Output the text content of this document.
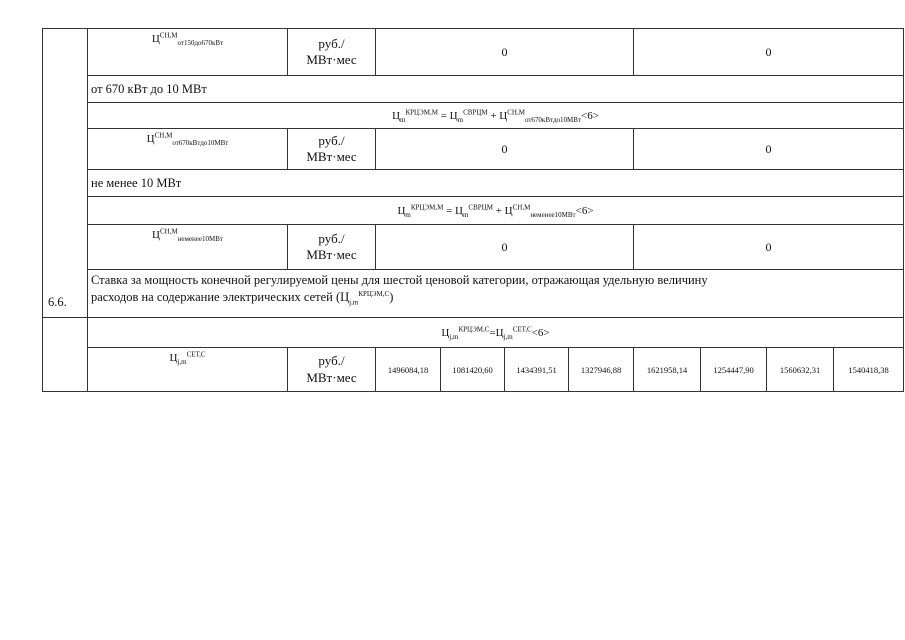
	$Ц^{СН,М}_{от150до670кВт}$	руб./
МВт·мес	0				0			
	от 670 кВт до 10 МВт									
	$Ц_m^{КРЦЭМ,М} = Ц_m^{СВРЦМ} + Ц^{СН,М}_{от670кВтдо10МВт}<6>$									
	$Ц^{СН,М}_{от670кВтдо10МВт}$	руб./
МВт·мес	0				0			
	не менее 10 МВт									
	$Ц_m^{КРЦЭМ,М} = Ц_m^{СВРЦМ} + Ц^{СН,М}_{неменее10МВт}<6>$									
	$Ц^{СН,М}_{неменее10МВт}$	руб./
МВт·мес	0				0			
	Ставка за мощность конечной регулируемой цены для шестой ценовой категории, отражающая удельную величину
расходов на содержание электрических сетей $(Ц_{j,m}^{КРЦЭМ,С})$									
	$Ц_{j,m}^{КРЦЭМ,С}=Ц_{j,m}^{СЕТ,С}<6>$									
	$Ц_{j,m}^{СЕТ,С}$	руб./
МВт·мес	1496084,18	1081420,60	1434391,51	1327946,88	1621958,14	1254447,90	1560632,31	1540418,38
6.6.
